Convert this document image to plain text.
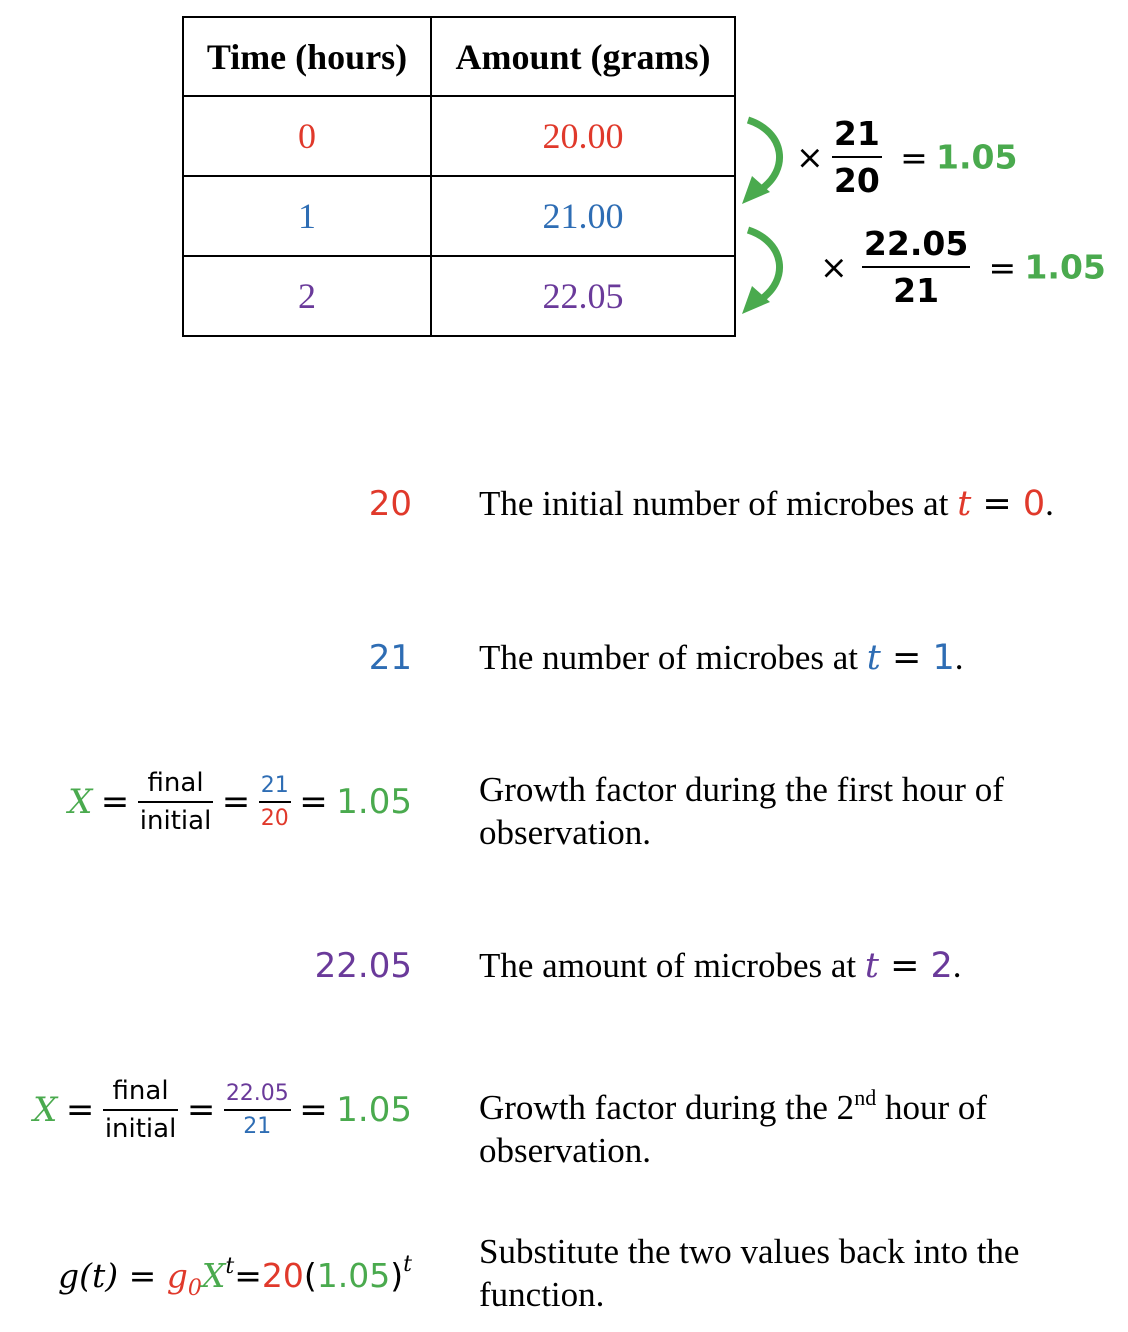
Time (hours)	Amount (grams)
0	20.00
1	21.00
2	22.05
× $\frac{21}{20} = 1.05$
× $\frac{22.05}{21} = 1.05$
20 The initial number of microbes at t = 0.
21 The number of microbes at t = 1.
$X = \frac{\text{final}}{\text{initial}} = \frac{21}{20} = 1.05$ Growth factor during the first hour of observation.
22.05 The amount of microbes at t = 2.
$X = \frac{\text{final}}{\text{initial}} = \frac{22.05}{21} = 1.05$ Growth factor during the 2nd hour of observation.
$g(t) = g_0X^t=20(1.05)^t$ Substitute the two values back into the function.
